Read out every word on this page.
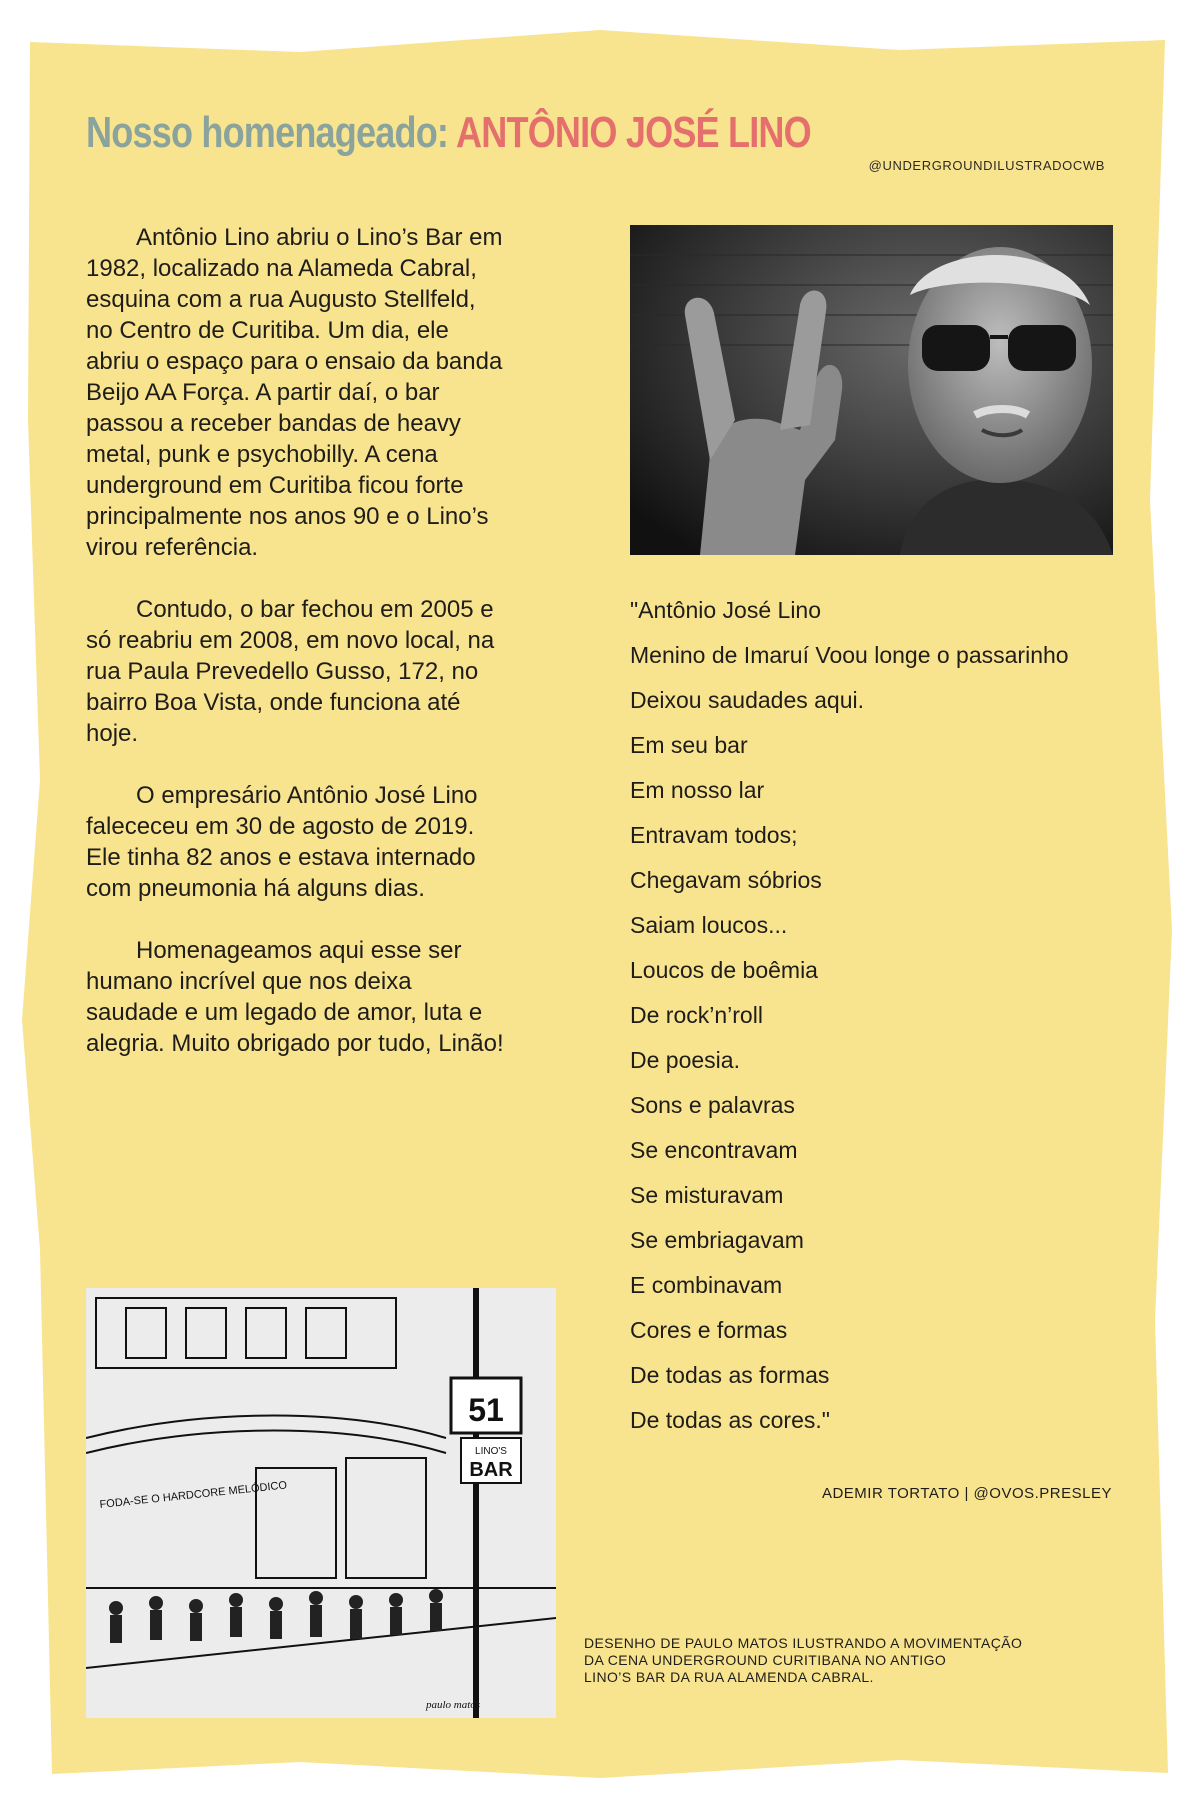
Nosso homenageado: ANTÔNIO JOSÉ LINO
@UNDERGROUNDILUSTRADOCWB

Antônio Lino abriu o Lino’s Bar em 1982, localizado na Alameda Cabral, esquina com a rua Augusto Stellfeld, no Centro de Curitiba. Um dia, ele abriu o espaço para o ensaio da banda Beijo AA Força. A partir daí, o bar passou a receber bandas de heavy metal, punk e psychobilly. A cena underground em Curitiba ficou forte principalmente nos anos 90 e o Lino’s virou referência.

Contudo, o bar fechou em 2005 e só reabriu em 2008, em novo local, na rua Paula Prevedello Gusso, 172, no bairro Boa Vista, onde funciona até hoje.

O empresário Antônio José Lino falececeu em 30 de agosto de 2019. Ele tinha 82 anos e estava internado com pneumonia há alguns dias.

Homenageamos aqui esse ser humano incrível que nos deixa saudade e um legado de amor, luta e alegria. Muito obrigado por tudo, Linão!

"Antônio José Lino
Menino de Imaruí Voou longe o passarinho
Deixou saudades aqui.
Em seu bar
Em nosso lar
Entravam todos;
Chegavam sóbrios
Saiam loucos...
Loucos de boêmia
De rock’n’roll
De poesia.
Sons e palavras
Se encontravam
Se misturavam
Se embriagavam
E combinavam
Cores e formas
De todas as formas
De todas as cores."
ADEMIR TORTATO | @OVOS.PRESLEY
51
LINO'S
BAR
FODA-SE O HARDCORE MELÓDICO
paulo matos
DESENHO DE PAULO MATOS ILUSTRANDO A MOVIMENTAÇÃO
DA CENA UNDERGROUND CURITIBANA NO ANTIGO
LINO’S BAR DA RUA ALAMENDA CABRAL.
